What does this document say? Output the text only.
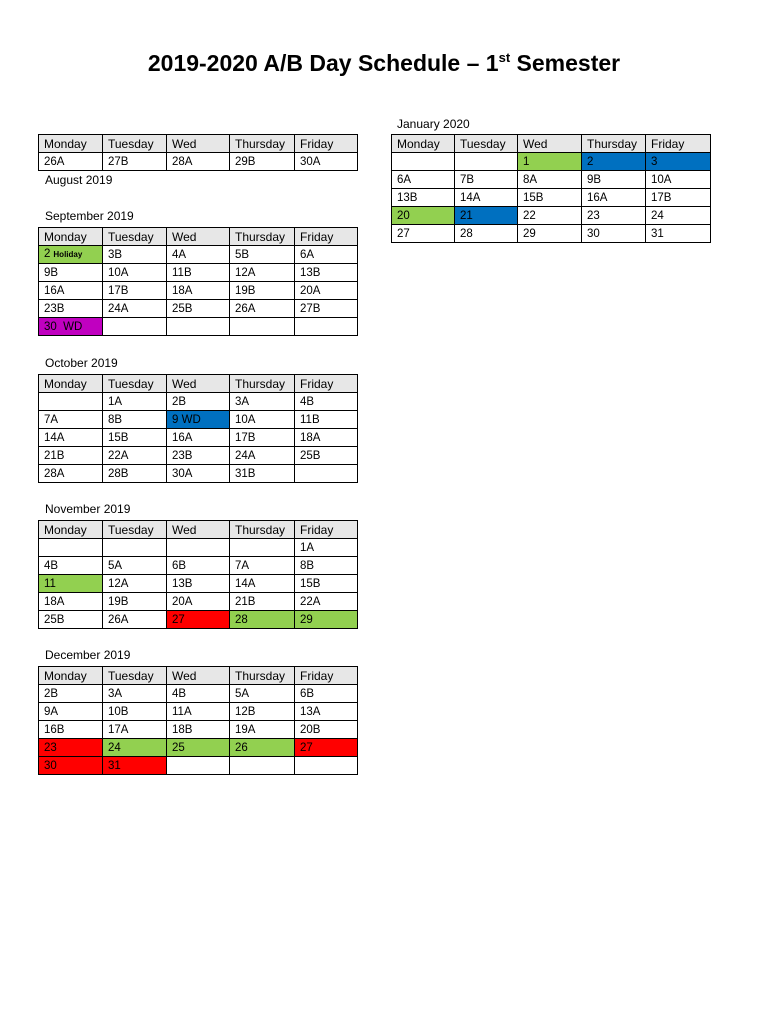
2019-2020 A/B Day Schedule – 1st Semester
Monday	Tuesday	Wed	Thursday	Friday
26A	27B	28A	29B	30A
August 2019
September 2019
Monday	Tuesday	Wed	Thursday	Friday
2 Holiday	3B	4A	5B	6A
9B	10A	11B	12A	13B
16A	17B	18A	19B	20A
23B	24A	25B	26A	27B
30  WD				
October 2019
Monday	Tuesday	Wed	Thursday	Friday
	1A	2B	3A	4B
7A	8B	9 WD	10A	11B
14A	15B	16A	17B	18A
21B	22A	23B	24A	25B
28A	28B	30A	31B	
November 2019
Monday	Tuesday	Wed	Thursday	Friday
				1A
4B	5A	6B	7A	8B
11	12A	13B	14A	15B
18A	19B	20A	21B	22A
25B	26A	27	28	29
December 2019
Monday	Tuesday	Wed	Thursday	Friday
2B	3A	4B	5A	6B
9A	10B	11A	12B	13A
16B	17A	18B	19A	20B
23	24	25	26	27
30	31			
January 2020
Monday	Tuesday	Wed	Thursday	Friday
		1	2	3
6A	7B	8A	9B	10A
13B	14A	15B	16A	17B
20	21	22	23	24
27	28	29	30	31
